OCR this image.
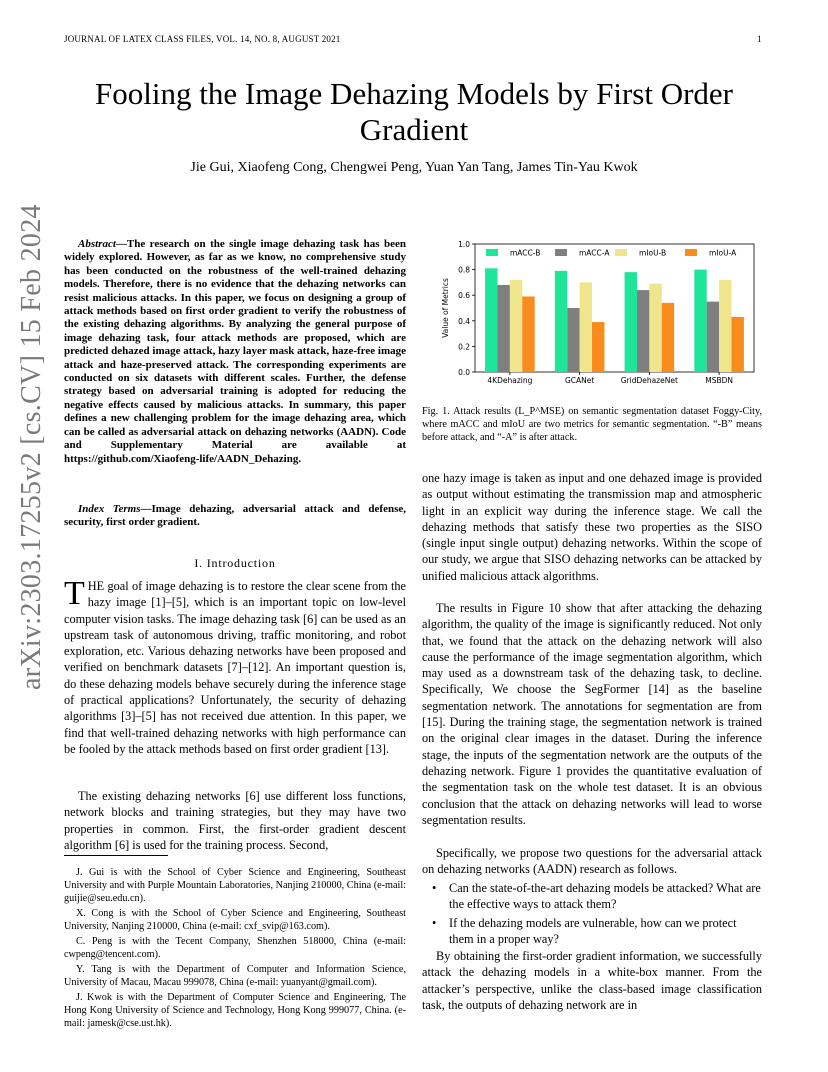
JOURNAL OF LATEX CLASS FILES, VOL. 14, NO. 8, AUGUST 2021	1
Fooling the Image Dehazing Models by First Order Gradient
Jie Gui, Xiaofeng Cong, Chengwei Peng, Yuan Yan Tang, James Tin-Yau Kwok
arXiv:2303.17255v2 [cs.CV] 15 Feb 2024	Abstract—The research on the single image dehazing task has been widely explored. However, as far as we know, no comprehensive study has been conducted on the robustness of the well-trained dehazing models. Therefore, there is no evidence that the dehazing networks can resist malicious attacks. In this paper, we focus on designing a group of attack methods based on first order gradient to verify the robustness of the existing dehazing algorithms. By analyzing the general purpose of image dehazing task, four attack methods are proposed, which are predicted dehazed image attack, hazy layer mask attack, haze-free image attack and haze-preserved attack. The corresponding experiments are conducted on six datasets with different scales. Further, the defense strategy based on adversarial training is adopted for reducing the negative effects caused by malicious attacks. In summary, this paper defines a new challenging problem for the image dehazing area, which can be called as adversarial attack on dehazing networks (AADN). Code and Supplementary Material are available at https://github.com/Xiaofeng-life/AADN_Dehazing.
Index Terms—Image dehazing, adversarial attack and defense, security, first order gradient.
I. Introduction
THE goal of image dehazing is to restore the clear scene from the hazy image [1]–[5], which is an important topic on low-level computer vision tasks. The image dehazing task [6] can be used as an upstream task of autonomous driving, traffic monitoring, and robot exploration, etc. Various dehazing networks have been proposed and verified on benchmark datasets [7]–[12]. An important question is, do these dehazing models behave securely during the inference stage of practical applications? Unfortunately, the security of dehazing algorithms [3]–[5] has not received due attention. In this paper, we find that well-trained dehazing networks with high performance can be fooled by the attack methods based on first order gradient [13].
The existing dehazing networks [6] use different loss functions, network blocks and training strategies, but they may have two properties in common. First, the first-order gradient descent algorithm [6] is used for the training process. Second,

J. Gui is with the School of Cyber Science and Engineering, Southeast University and with Purple Mountain Laboratories, Nanjing 210000, China (e-mail: guijie@seu.edu.cn).

X. Cong is with the School of Cyber Science and Engineering, Southeast University, Nanjing 210000, China (e-mail: cxf_svip@163.com).

C. Peng is with the Tecent Company, Shenzhen 518000, China (e-mail: cwpeng@tencent.com).

Y. Tang is with the Department of Computer and Information Science, University of Macau, Macau 999078, China (e-mail: yuanyant@gmail.com).

J. Kwok is with the Department of Computer Science and Engineering, The Hong Kong University of Science and Technology, Hong Kong 999077, China. (e-mail: jamesk@cse.ust.hk).

0.0
0.2
0.4
0.6
0.8
1.0
Value of Metrics
4KDehazing	GCANet	GridDehazeNet	MSBDN
mACC-B	mACC-A	mIoU-B	mIoU-A
Fig. 1. Attack results (L_P^MSE) on semantic segmentation dataset Foggy-City, where mACC and mIoU are two metrics for semantic segmentation. “-B” means before attack, and “-A” is after attack.
one hazy image is taken as input and one dehazed image is provided as output without estimating the transmission map and atmospheric light in an explicit way during the inference stage. We call the dehazing methods that satisfy these two properties as the SISO (single input single output) dehazing networks. Within the scope of our study, we argue that SISO dehazing networks can be attacked by unified malicious attack algorithms.
The results in Figure 10 show that after attacking the dehazing algorithm, the quality of the image is significantly reduced. Not only that, we found that the attack on the dehazing network will also cause the performance of the image segmentation algorithm, which may used as a downstream task of the dehazing task, to decline. Specifically, We choose the SegFormer [14] as the baseline segmentation network. The annotations for segmentation are from [15]. During the training stage, the segmentation network is trained on the original clear images in the dataset. During the inference stage, the inputs of the segmentation network are the outputs of the dehazing network. Figure 1 provides the quantitative evaluation of the segmentation task on the whole test dataset. It is an obvious conclusion that the attack on dehazing networks will lead to worse segmentation results.
Specifically, we propose two questions for the adversarial attack on dehazing networks (AADN) research as follows.
• Can the state-of-the-art dehazing models be attacked? What are the effective ways to attack them?
• If the dehazing models are vulnerable, how can we protect them in a proper way?
By obtaining the first-order gradient information, we successfully attack the dehazing models in a white-box manner. From the attacker’s perspective, unlike the class-based image classification task, the outputs of dehazing network are in
